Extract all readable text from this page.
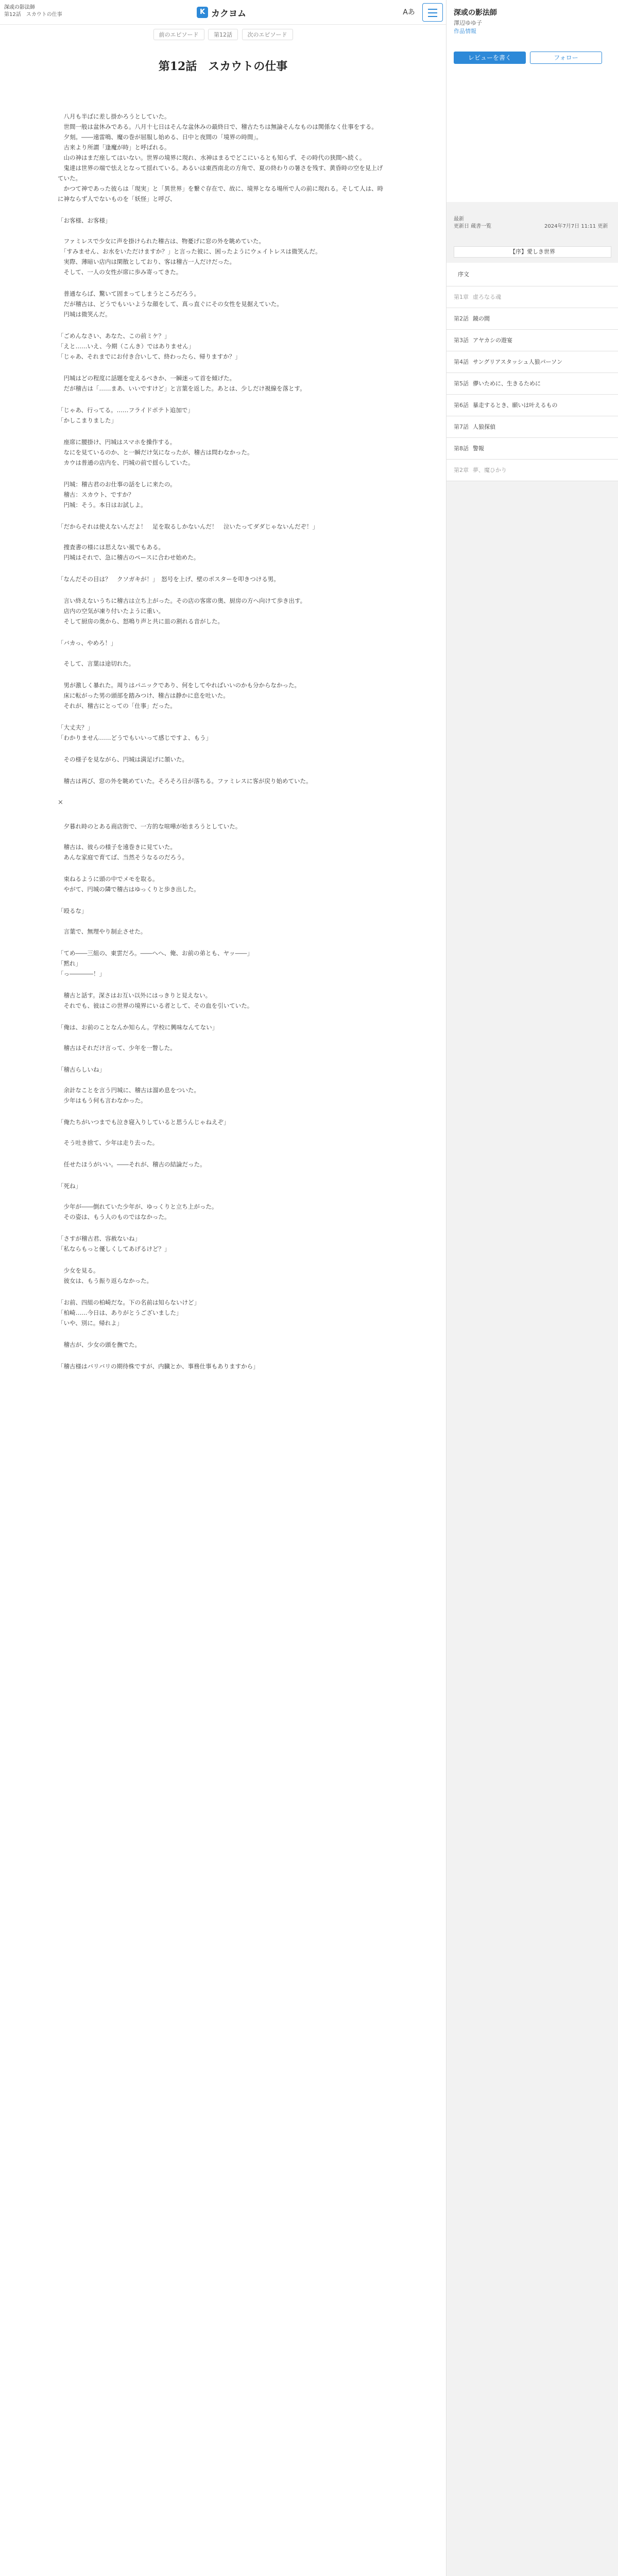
深或の影法師
第12話　スカウトの仕事	K カクヨム	Aあ
前のエピソード	第12話	次のエピソード
第12話　スカウトの仕事

　八月も半ばに差し掛かろうとしていた。
　世間一般は盆休みである。八月十七日はそんな盆休みの最終日で、稽古たちは無論そんなものは関係なく仕事をする。
　夕刻。――遠雷鳴、魔の巻が屈服し始める、日中と夜間の「境界の時間」。
　古来より所謂「逢魔が時」と呼ばれる。
　山の神はまだ座してはいない。世界の境界に現れ、水神はまるでどこにいるとも知らず、その時代の狭間へ続く。
　鬼達は世界の端で怯えとなって揺れている。あるいは東西南北の方角で、夏の終わりの暑さを残す、黄昏時の空を見上げていた。
　かつて神であった彼らは「現実」と「異世界」を繋ぐ存在で、故に、境界となる場所で人の前に現れる。そして人は、時に神ならず人でないものを「妖怪」と呼び、

「お客様、お客様」

　ファミレスで少女に声を掛けられた稽古は、物憂げに窓の外を眺めていた。
　「すみません、お水をいただけますか？」と言った彼に、困ったようにウェイトレスは微笑んだ。
　実際、薄暗い店内は閑散としており、客は稽古一人だけだった。
　そして、一人の女性が席に歩み寄ってきた。

　普通ならば、驚いて固まってしまうところだろう。
　だが稽古は、どうでもいいような顔をして、真っ直ぐにその女性を見据えていた。
　円城は微笑んだ。

「ごめんなさい、あなた、この前ミケ？」
「えと……いえ、今期（こんき）ではありません」
「じゃあ、それまでにお付き合いして、終わったら、帰りますか？」

　円城はどの程度に話題を変えるべきか、一瞬迷って首を傾げた。
　だが稽古は「……まあ、いいですけど」と言葉を返した。あとは、少しだけ視線を落とす。

「じゃあ、行ってる。……フライドポテト追加で」
「かしこまりました」

　座席に腰掛け、円城はスマホを操作する。
　なにを見ているのか、と一瞬だけ気になったが、稽古は問わなかった。
　カウは普通の店内を、円城の前で揺らしていた。

　円城：稽古君のお仕事の話をしに来たの。
　稽古：スカウト、ですか？
　円城：そう。本日はお試しよ。

「だからそれは使えないんだよ！　足を取るしかないんだ！　泣いたってダダじゃないんだぞ！」

　捜査書の様には思えない風でもある。
　円城はそれで、急に稽古のペースに合わせ始めた。

「なんだその目は？　クソガキが！」　怒号を上げ、壁のポスターを叩きつける男。

　言い終えないうちに稽古は立ち上がった。その店の客席の奥、厨房の方へ向けて歩き出す。
　店内の空気が凍り付いたように重い。
　そして厨房の奥から、怒鳴り声と共に皿の割れる音がした。

「バカっ、やめろ！」

　そして、言葉は途切れた。

　男が激しく暴れた。周りはパニックであり、何をしてやればいいのかも分からなかった。
　床に転がった男の頭部を踏みつけ、稽古は静かに息を吐いた。
　それが、稽古にとっての「仕事」だった。

「大丈夫？」
「わかりません……どうでもいいって感じですよ、もう」

　その様子を見ながら、円城は満足げに頷いた。

　稽古は再び、窓の外を眺めていた。そろそろ日が落ちる。ファミレスに客が戻り始めていた。

×

　夕暮れ時のとある商店街で、一方的な喧嘩が始まろうとしていた。

　稽古は、彼らの様子を遠巻きに見ていた。
　あんな家庭で育てば、当然そうなるのだろう。

　束ねるように頭の中でメモを取る。
　やがて、円城の隣で稽古はゆっくりと歩き出した。

「殴るな」

　言葉で、無理やり制止させた。

「てめ――三組の、東雲だろ。――へへ、俺、お前の弟とも、ヤッ――」
「黙れ」
「っ――――！」

　稽古と話す。深さはお互い以外にはっきりと見えない。
　それでも、彼はこの世界の境界にいる者として、その血を引いていた。

「俺は、お前のことなんか知らん。学校に興味なんてない」

　稽古はそれだけ言って、少年を一瞥した。

「稽古らしいね」

　余計なことを言う円城に、稽古は溜め息をついた。
　少年はもう何も言わなかった。

「俺たちがいつまでも泣き寝入りしていると思うんじゃねえぞ」

　そう吐き捨て、少年は走り去った。

　任せたほうがいい。――それが、稽古の結論だった。

「死ね」

　少年が――倒れていた少年が、ゆっくりと立ち上がった。
　その姿は、もう人のものではなかった。

「さすが稽古君、容赦ないね」
「私ならもっと優しくしてあげるけど？」

　少女を見る。
　彼女は、もう振り返らなかった。

「お前、四組の柏崎だな。下の名前は知らないけど」
「柏崎……今日は、ありがとうございました」
「いや、別に。帰れよ」

　稽古が、少女の頭を撫でた。

「稽古様はバリバリの期待株ですが、内臓とか、事務仕事もありますから」

深或の影法師
澤辺ゆゆ子
作品情報
レビューを書く	フォロー
最新
更新日 蔵書一覧	2024年7月7日 11:11 更新
【序】愛しき世界
序文
第1章 虚ろなる魂
第2話 鏡の間
第3話 アヤカシの遊宴
第4話 サングリアスタッシュ人狼パーソン
第5話 儚いために、生きるために
第6話 暴走するとき、願いは叶えるもの
第7話 人狼探偵
第8話 警報
第2章 夢、魔ひかり
